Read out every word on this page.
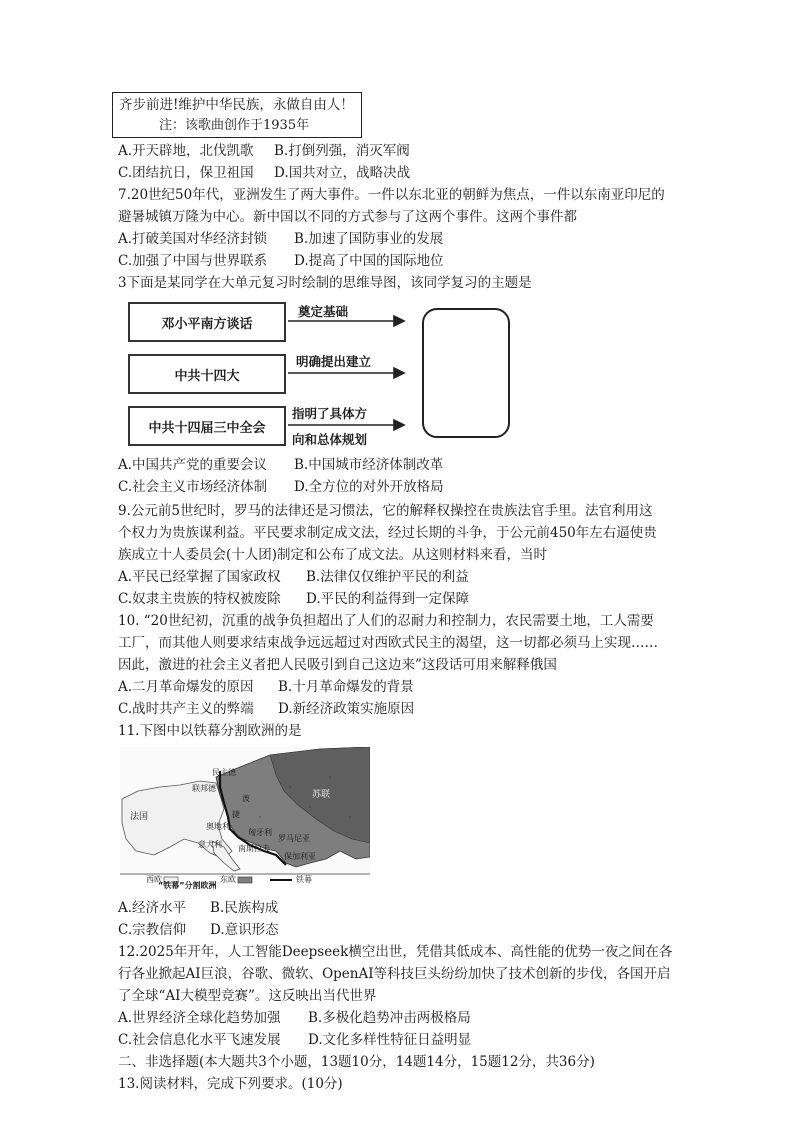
齐步前进!维护中华民族，永做自由人！
注：该歌曲创作于1935年
A.开天辟地，北伐凯歌 B.打倒列强，消灭军阀
C.团结抗日，保卫祖国 D.国共对立，战略决战
7.20世纪50年代，亚洲发生了两大事件。一件以东北亚的朝鲜为焦点，一件以东南亚印尼的
避暑城镇万隆为中心。新中国以不同的方式参与了这两个事件。这两个事件都
A.打破美国对华经济封锁 B.加速了国防事业的发展
C.加强了中国与世界联系 D.提高了中国的国际地位
3下面是某同学在大单元复习时绘制的思维导图，该同学复习的主题是
邓小平南方谈话
中共十四大
中共十四届三中全会
奠定基础
明确提出建立
指明了具体方
向和总体规划
A.中国共产党的重要会议 B.中国城市经济体制改革
C.社会主义市场经济体制 D.全方位的对外开放格局
9.公元前5世纪时，罗马的法律还是习惯法，它的解释权操控在贵族法官手里。法官利用这
个权力为贵族谋利益。平民要求制定成文法，经过长期的斗争，于公元前450年左右逼使贵
族成立十人委员会(十人团)制定和公布了成文法。从这则材料来看，当时
A.平民已经掌握了国家政权 B.法律仅仅维护平民的利益
C.奴隶主贵族的特权被废除 D.平民的利益得到一定保障
10. “20世纪初，沉重的战争负担超出了人们的忍耐力和控制力，农民需要土地，工人需要
工厂，而其他人则要求结束战争远远超过对西欧式民主的渴望，这一切都必须马上实现……
因此，激进的社会主义者把人民吸引到自己这边来”这段话可用来解释俄国
A.二月革命爆发的原因 B.十月革命爆发的背景
C.战时共产主义的弊端 D.新经济政策实施原因
11.下图中以铁幕分割欧洲的是
苏联
民主德
联邦德
法国
奥地利
匈牙利
罗马尼亚
意大利
波
捷
保加利亚
南斯拉夫
西欧	东欧	铁幕
“铁幕”分割欧洲
A.经济水平 B.民族构成
C.宗教信仰 D.意识形态
12.2025年开年，人工智能Deepseek横空出世，凭借其低成本、高性能的优势一夜之间在各
行各业掀起AI巨浪，谷歌、微软、OpenAI等科技巨头纷纷加快了技术创新的步伐，各国开启
了全球“AI大模型竞赛”。这反映出当代世界
A.世界经济全球化趋势加强 B.多极化趋势冲击两极格局
C.社会信息化水平飞速发展 D.文化多样性特征日益明显
二、非选择题(本大题共3个小题，13题10分，14题14分，15题12分，共36分)
13.阅读材料，完成下列要求。(10分)
